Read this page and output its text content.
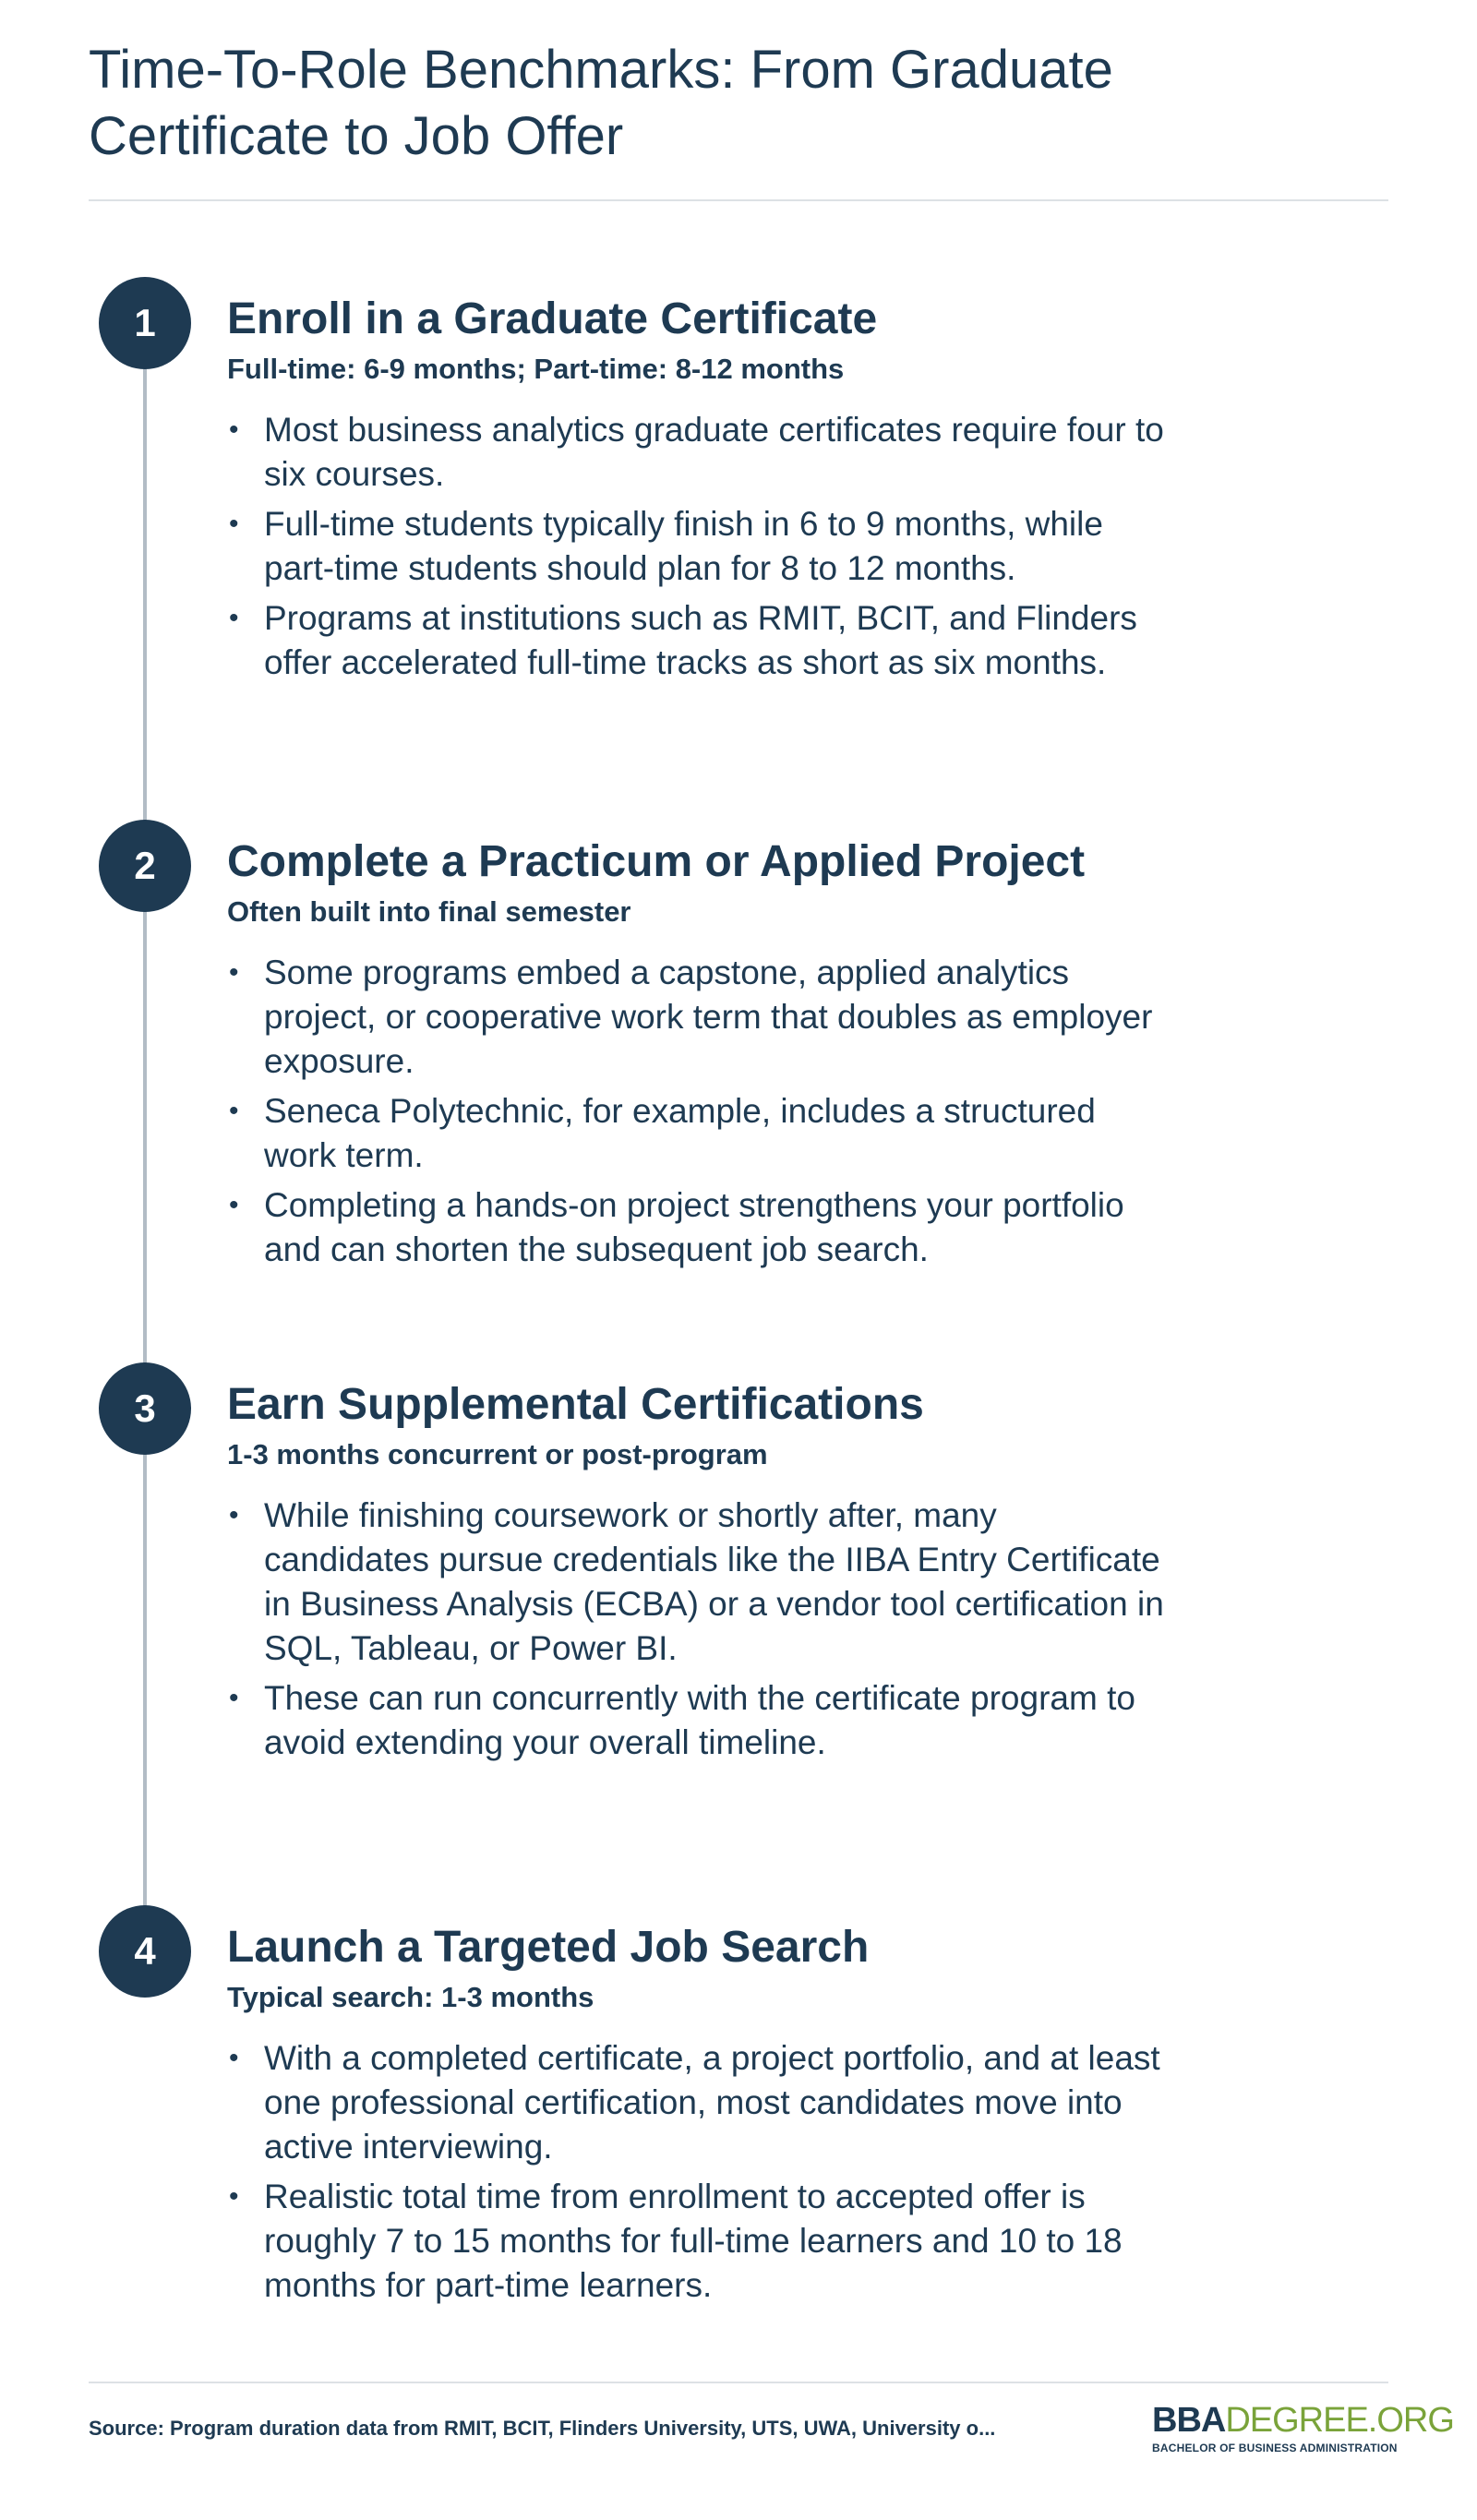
Time-To-Role Benchmarks: From Graduate Certificate to Job Offer
1	Enroll in a Graduate Certificate

Full-time: 6-9 months; Part-time: 8-12 months

• Most business analytics graduate certificates require four to six courses.
• Full-time students typically finish in 6 to 9 months, while part-time students should plan for 8 to 12 months.
• Programs at institutions such as RMIT, BCIT, and Flinders offer accelerated full-time tracks as short as six months.
2	Complete a Practicum or Applied Project

Often built into final semester

• Some programs embed a capstone, applied analytics project, or cooperative work term that doubles as employer exposure.
• Seneca Polytechnic, for example, includes a structured work term.
• Completing a hands-on project strengthens your portfolio and can shorten the subsequent job search.
3	Earn Supplemental Certifications

1-3 months concurrent or post-program

• While finishing coursework or shortly after, many candidates pursue credentials like the IIBA Entry Certificate in Business Analysis (ECBA) or a vendor tool certification in SQL, Tableau, or Power BI.
• These can run concurrently with the certificate program to avoid extending your overall timeline.
4	Launch a Targeted Job Search

Typical search: 1-3 months

• With a completed certificate, a project portfolio, and at least one professional certification, most candidates move into active interviewing.
• Realistic total time from enrollment to accepted offer is roughly 7 to 15 months for full-time learners and 10 to 18 months for part-time learners.
Source: Program duration data from RMIT, BCIT, Flinders University, UTS, UWA, University o...	BBADEGREE.ORG
BACHELOR OF BUSINESS ADMINISTRATION
